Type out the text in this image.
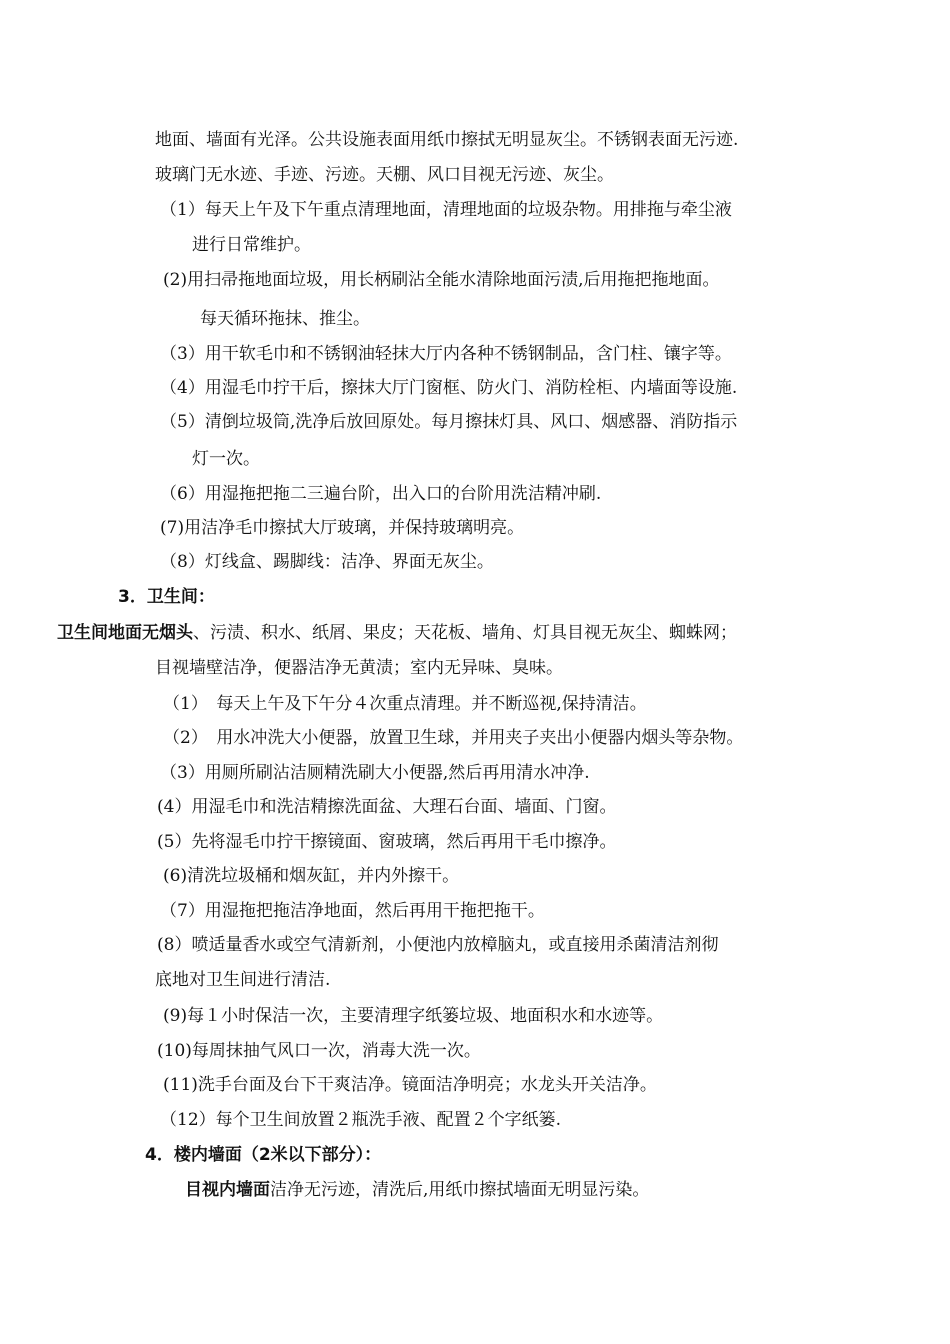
地面、墙面有光泽。公共设施表面用纸巾擦拭无明显灰尘。不锈钢表面无污迹.
玻璃门无水迹、手迹、污迹。天棚、风口目视无污迹、灰尘。
（1）每天上午及下午重点清理地面，清理地面的垃圾杂物。用排拖与牵尘液
进行日常维护。
(2)用扫帚拖地面垃圾，用长柄刷沾全能水清除地面污渍,后用拖把拖地面。
每天循环拖抹、推尘。
（3）用干软毛巾和不锈钢油轻抹大厅内各种不锈钢制品，含门柱、镶字等。
（4）用湿毛巾拧干后，擦抹大厅门窗框、防火门、消防栓柜、内墙面等设施.
（5）清倒垃圾筒,洗净后放回原处。每月擦抹灯具、风口、烟感器、消防指示
灯一次。
（6）用湿拖把拖二三遍台阶，出入口的台阶用洗洁精冲刷.
(7)用洁净毛巾擦拭大厅玻璃，并保持玻璃明亮。
（8）灯线盒、踢脚线：洁净、界面无灰尘。
3．卫生间：
卫生间地面无烟头、污渍、积水、纸屑、果皮；天花板、墙角、灯具目视无灰尘、蜘蛛网；
目视墙壁洁净，便器洁净无黄渍；室内无异味、臭味。
（1）　每天上午及下午分４次重点清理。并不断巡视,保持清洁。
（2）　用水冲洗大小便器，放置卫生球，并用夹子夹出小便器内烟头等杂物。
（3）用厕所刷沾洁厕精洗刷大小便器,然后再用清水冲净.
(4）用湿毛巾和洗洁精擦洗面盆、大理石台面、墙面、门窗。
(5）先将湿毛巾拧干擦镜面、窗玻璃，然后再用干毛巾擦净。
(6)清洗垃圾桶和烟灰缸，并内外擦干。
（7）用湿拖把拖洁净地面，然后再用干拖把拖干。
(8）喷适量香水或空气清新剂，小便池内放樟脑丸，或直接用杀菌清洁剂彻
底地对卫生间进行清洁.
(9)每１小时保洁一次，主要清理字纸篓垃圾、地面积水和水迹等。
(10)每周抹抽气风口一次，消毒大洗一次。
(11)洗手台面及台下干爽洁净。镜面洁净明亮；水龙头开关洁净。
（12）每个卫生间放置２瓶洗手液、配置２个字纸篓.
4．楼内墙面（2米以下部分）：
目视内墙面洁净无污迹，清洗后,用纸巾擦拭墙面无明显污染。
